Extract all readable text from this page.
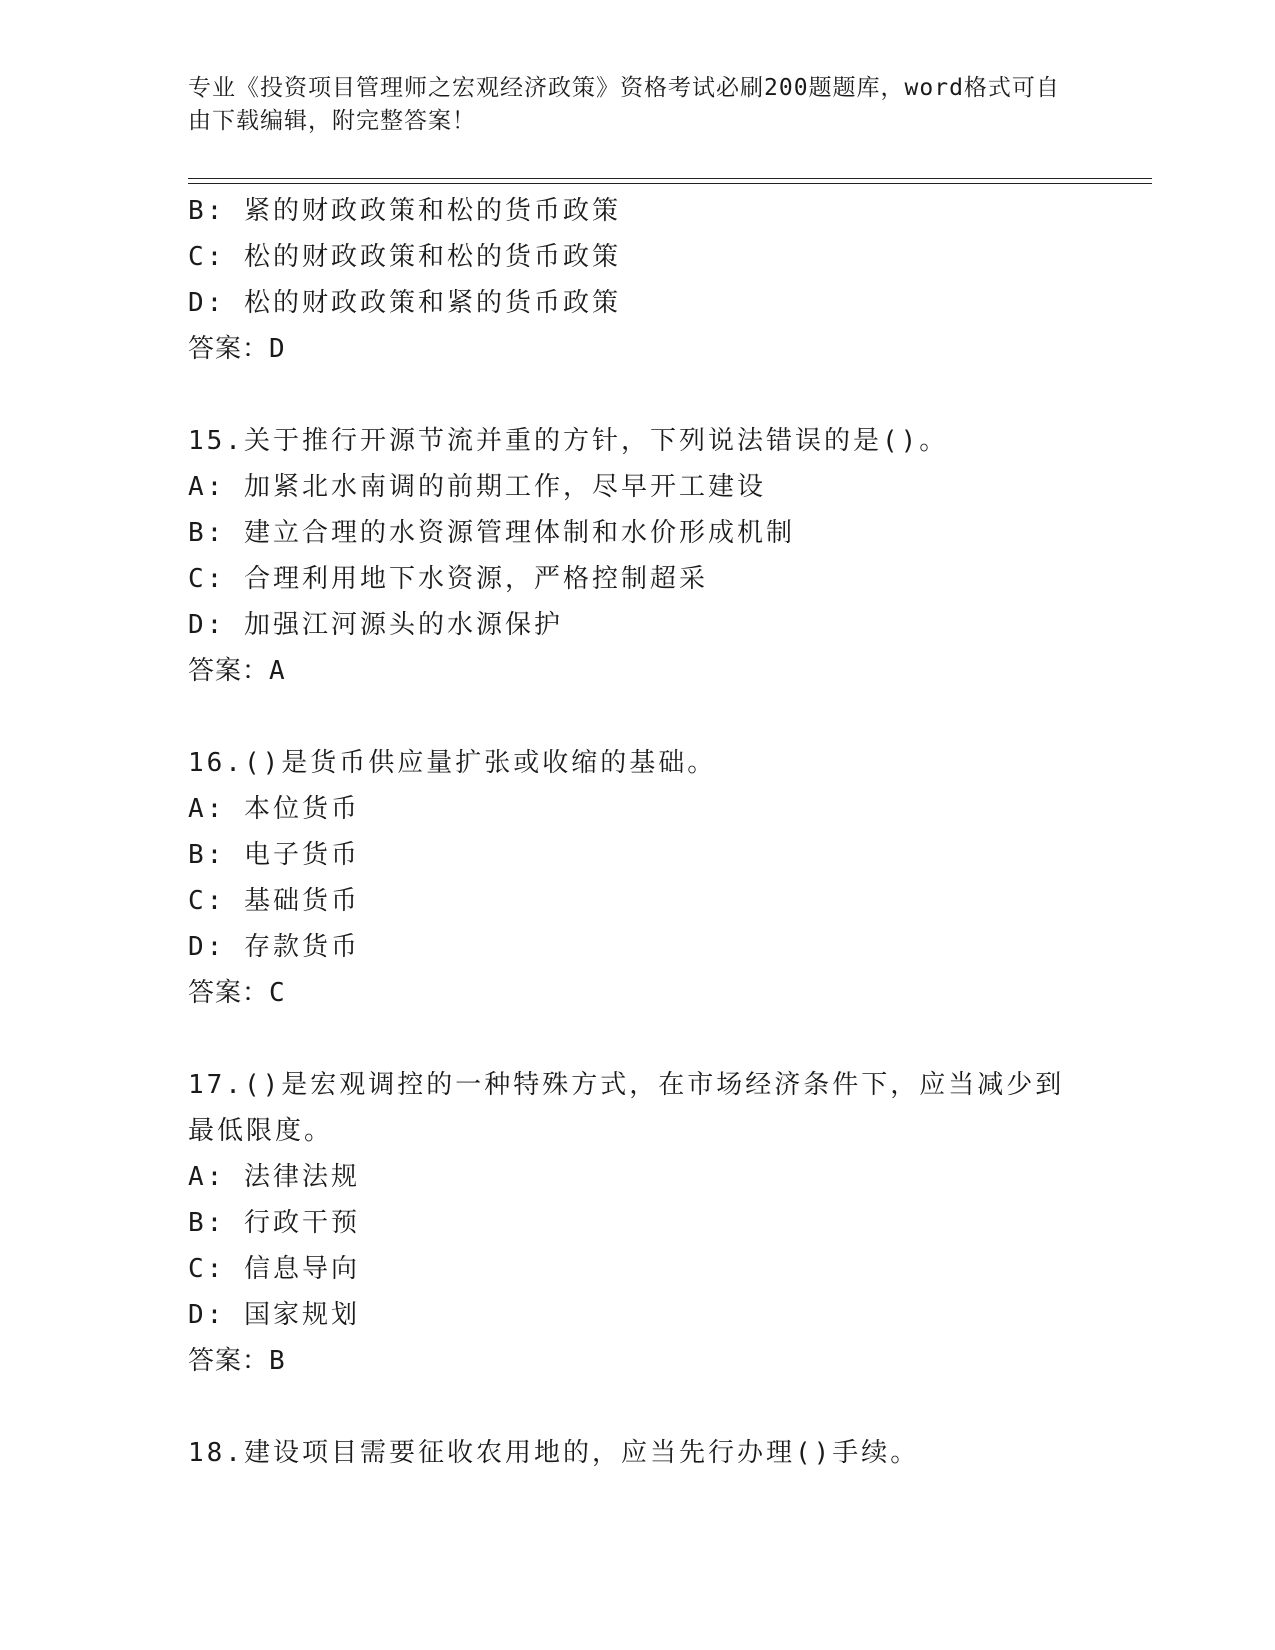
专业《投资项目管理师之宏观经济政策》资格考试必刷200题题库，word格式可自由下载编辑，附完整答案！
B: 紧的财政政策和松的货币政策
C: 松的财政政策和松的货币政策
D: 松的财政政策和紧的货币政策
答案：D
15.关于推行开源节流并重的方针，下列说法错误的是()。
A: 加紧北水南调的前期工作，尽早开工建设
B: 建立合理的水资源管理体制和水价形成机制
C: 合理利用地下水资源，严格控制超采
D: 加强江河源头的水源保护
答案：A
16.()是货币供应量扩张或收缩的基础。
A: 本位货币
B: 电子货币
C: 基础货币
D: 存款货币
答案：C
17.()是宏观调控的一种特殊方式，在市场经济条件下，应当减少到最低限度。
A: 法律法规
B: 行政干预
C: 信息导向
D: 国家规划
答案：B
18.建设项目需要征收农用地的，应当先行办理()手续。
